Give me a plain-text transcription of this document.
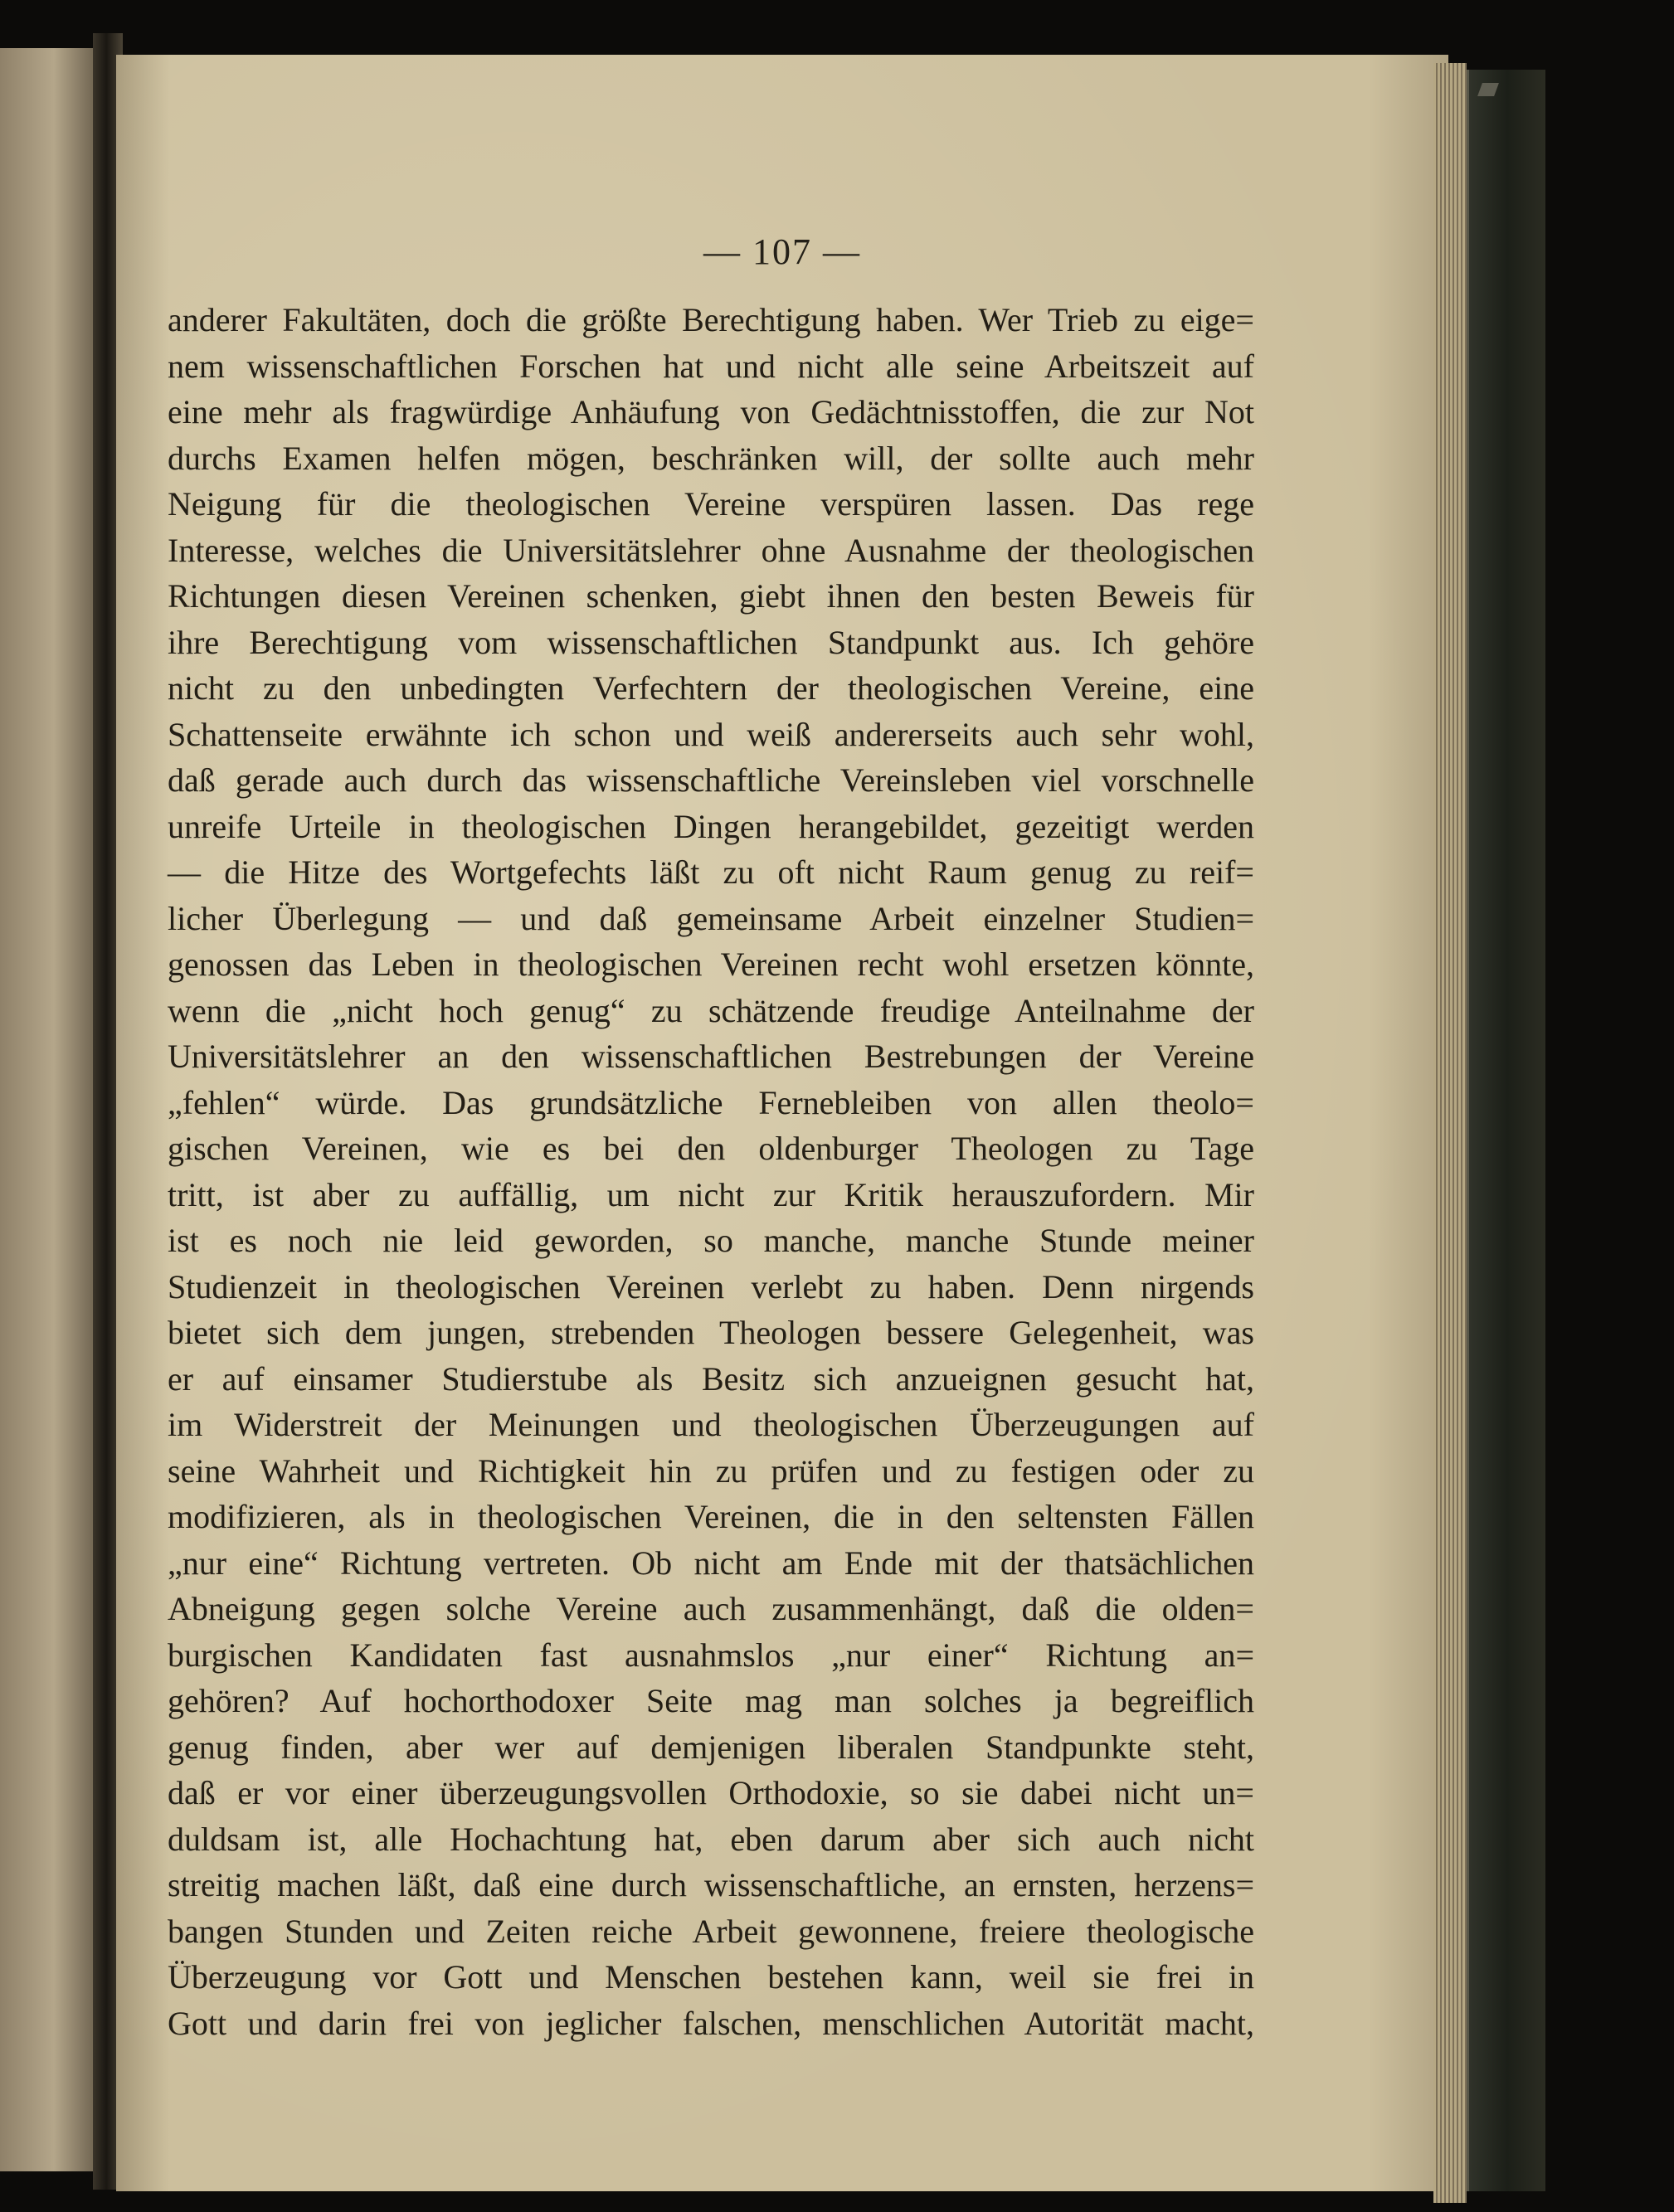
— 107 —
anderer Fakultäten, doch die größte Berechtigung haben. Wer Trieb zu eige=
nem wissenschaftlichen Forschen hat und nicht alle seine Arbeitszeit auf
eine mehr als fragwürdige Anhäufung von Gedächtnisstoffen, die zur Not
durchs Examen helfen mögen, beschränken will, der sollte auch mehr
Neigung für die theologischen Vereine verspüren lassen. Das rege
Interesse, welches die Universitätslehrer ohne Ausnahme der theologischen
Richtungen diesen Vereinen schenken, giebt ihnen den besten Beweis für
ihre Berechtigung vom wissenschaftlichen Standpunkt aus. Ich gehöre
nicht zu den unbedingten Verfechtern der theologischen Vereine, eine
Schattenseite erwähnte ich schon und weiß andererseits auch sehr wohl,
daß gerade auch durch das wissenschaftliche Vereinsleben viel vorschnelle
unreife Urteile in theologischen Dingen herangebildet, gezeitigt werden
— die Hitze des Wortgefechts läßt zu oft nicht Raum genug zu reif=
licher Überlegung — und daß gemeinsame Arbeit einzelner Studien=
genossen das Leben in theologischen Vereinen recht wohl ersetzen könnte,
wenn die „nicht hoch genug“ zu schätzende freudige Anteilnahme der
Universitätslehrer an den wissenschaftlichen Bestrebungen der Vereine
„fehlen“ würde. Das grundsätzliche Fernebleiben von allen theolo=
gischen Vereinen, wie es bei den oldenburger Theologen zu Tage
tritt, ist aber zu auffällig, um nicht zur Kritik herauszufordern. Mir
ist es noch nie leid geworden, so manche, manche Stunde meiner
Studienzeit in theologischen Vereinen verlebt zu haben. Denn nirgends
bietet sich dem jungen, strebenden Theologen bessere Gelegenheit, was
er auf einsamer Studierstube als Besitz sich anzueignen gesucht hat,
im Widerstreit der Meinungen und theologischen Überzeugungen auf
seine Wahrheit und Richtigkeit hin zu prüfen und zu festigen oder zu
modifizieren, als in theologischen Vereinen, die in den seltensten Fällen
„nur eine“ Richtung vertreten. Ob nicht am Ende mit der thatsächlichen
Abneigung gegen solche Vereine auch zusammenhängt, daß die olden=
burgischen Kandidaten fast ausnahmslos „nur einer“ Richtung an=
gehören? Auf hochorthodoxer Seite mag man solches ja begreiflich
genug finden, aber wer auf demjenigen liberalen Standpunkte steht,
daß er vor einer überzeugungsvollen Orthodoxie, so sie dabei nicht un=
duldsam ist, alle Hochachtung hat, eben darum aber sich auch nicht
streitig machen läßt, daß eine durch wissenschaftliche, an ernsten, herzens=
bangen Stunden und Zeiten reiche Arbeit gewonnene, freiere theologische
Überzeugung vor Gott und Menschen bestehen kann, weil sie frei in
Gott und darin frei von jeglicher falschen, menschlichen Autorität macht,
